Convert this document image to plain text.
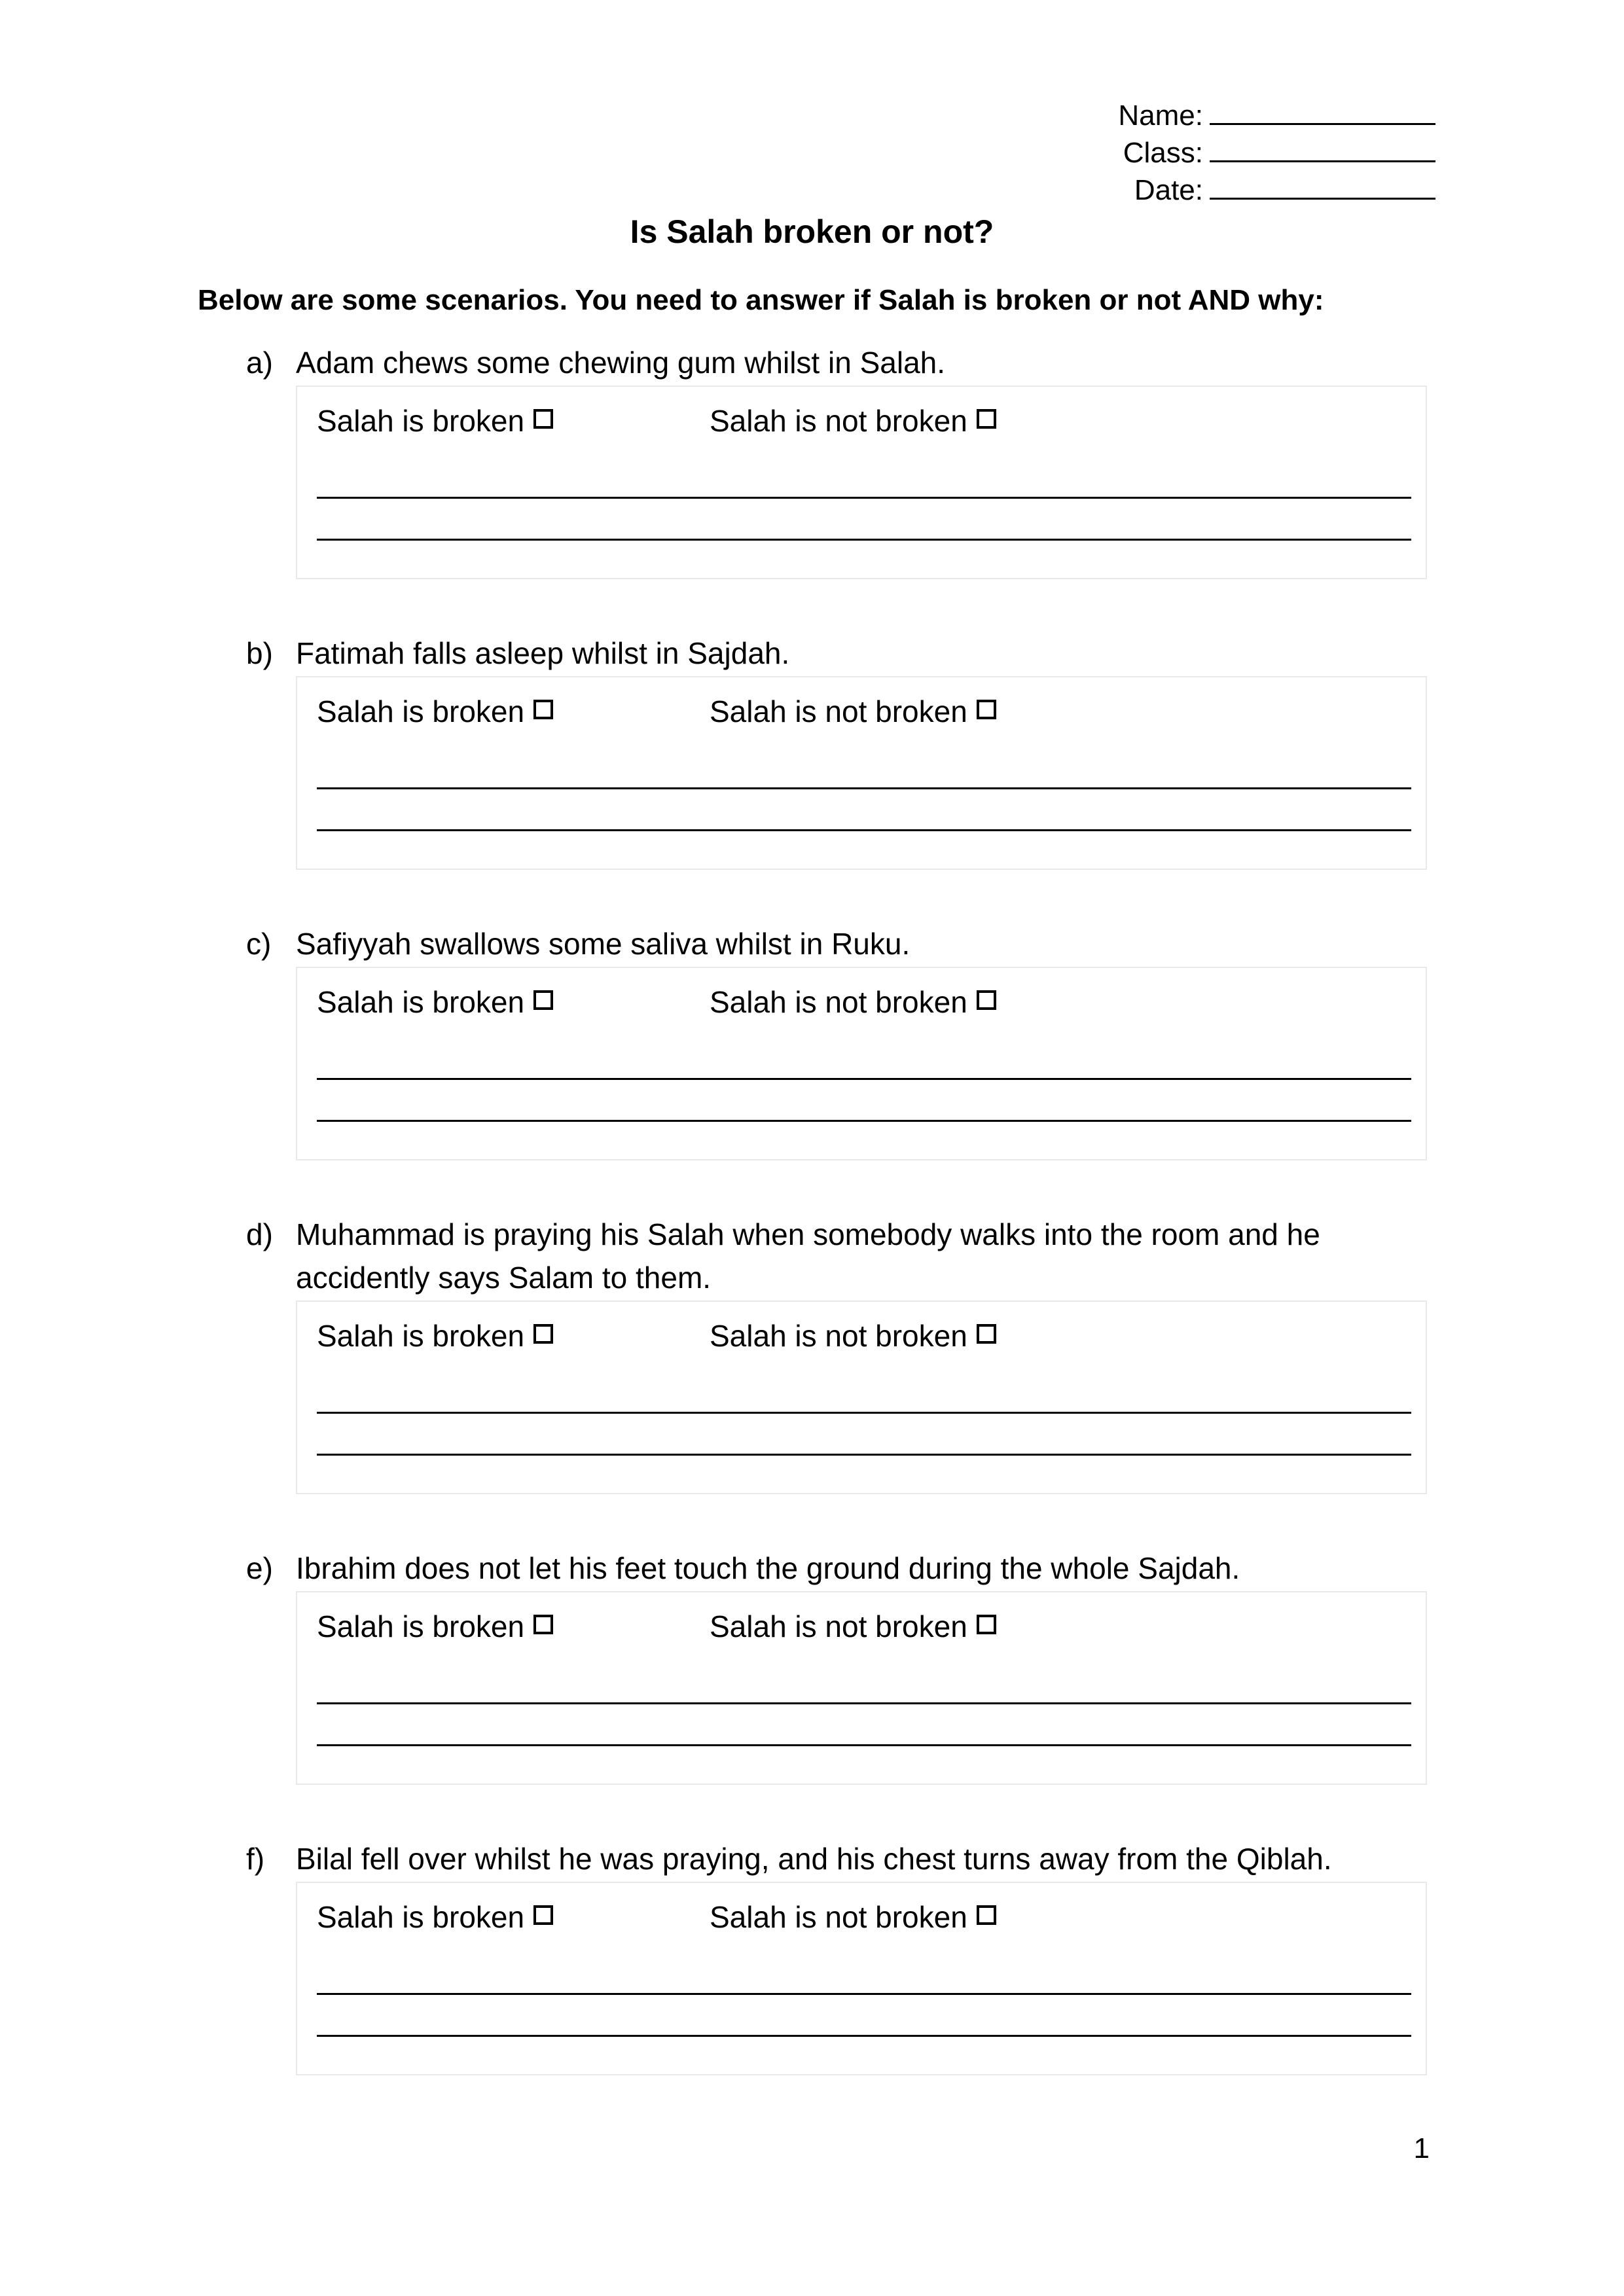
Name:
Class:
Date:
Is Salah broken or not?
Below are some scenarios. You need to answer if Salah is broken or not AND why:
a) Adam chews some chewing gum whilst in Salah.
Salah is broken	Salah is not broken
b) Fatimah falls asleep whilst in Sajdah.
Salah is broken	Salah is not broken
c) Safiyyah swallows some saliva whilst in Ruku.
Salah is broken	Salah is not broken
d) Muhammad is praying his Salah when somebody walks into the room and he accidently says Salam to them.
Salah is broken	Salah is not broken
e) Ibrahim does not let his feet touch the ground during the whole Sajdah.
Salah is broken	Salah is not broken
f) Bilal fell over whilst he was praying, and his chest turns away from the Qiblah.
Salah is broken	Salah is not broken
1
